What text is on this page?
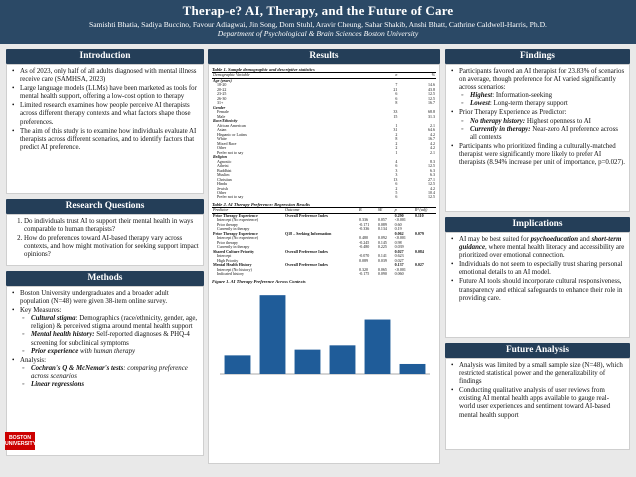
Therap-e? AI, Therapy, and the Future of Care
Samishti Bhatia, Sadiya Buccino, Favour Adiagwai, Jin Song, Dom Stuhl, Aravir Cheung, Sahar Shakib, Anshi Bhatt, Cathrine Caldwell-Harris, Ph.D.
Department of Psychological & Brain Sciences Boston University
Introduction
• As of 2023, only half of all adults diagnosed with mental illness receive care (SAMHSA, 2023)
• Large language models (LLMs) have been marketed as tools for mental health support, offering a low-cost option to therapy
• Limited research examines how people perceive AI therapists across different therapy contexts and what factors shape those preferences.
• The aim of this study is to examine how individuals evaluate AI therapists across different scenarios, and to identify factors that predict AI preference.
Research Questions
1. Do individuals trust AI to support their mental health in ways comparable to human therapists?
2. How do preferences toward AI-based therapy vary across contexts, and how might motivation for seeking support impact opinions?
Methods
• Boston University undergraduates and a broader adult population (N=48) were given 38-item online survey.
• Key Measures:
◦ Cultural stigma: Demographics (race/ethnicity, gender, age, religion) & perceived stigma around mental health support
◦ Mental health history: Self-reported diagnoses & PHQ-4 screening for subclinical symptoms
◦ Prior experience with human therapy
• Analysis:
◦ Cochran's Q & McNemar's tests: comparing preference across scenarios
◦ Linear regressions
BOSTON
UNIVERSITY
Results
Table 1. Sample demographic and descriptive statistics
Demographic Variable	n	%
Age (years)		
18-20	7	14.6
20-22	21	43.8
23-25	6	12.5
26-30	6	12.5
31+	8	16.7
Gender		
Female	33	68.8
Male	15	31.3
Race/Ethnicity		
African American	1	2.1
Asian	31	64.6
Hispanic or Latinx	2	4.2
White	8	16.7
Mixed Race	2	4.2
Other	2	4.2
Prefer not to say	1	2.1
Religion		
Agnostic	4	8.3
Atheist	6	12.5
Buddhist	3	6.3
Muslim	3	6.3
Christian	13	27.1
Hindu	6	12.5
Jewish	2	4.2
Other	5	10.4
Prefer not to say	6	12.5
Table 2. AI Therapy Preference: Regression Results
Predictor	Outcome	B	SE	p	R² (adj)
Prior Therapy Experience	Overall Preference Index			0.290	0.110
Intercept (No experience)		0.336	0.057	<0.001	
Prior therapy		-0.171	0.089	0.60	
Currently in therapy		-0.336	0.134	0.19	
Prior Therapy Experience	Q18 – Seeking Information			0.062	0.079
Intercept (No experience)		0.480	0.092	<0.001	
Prior therapy		-0.245	0.145	0.98	
Currently in therapy		-0.480	0.225	0.039	
Shared Culture Priority	Overall Preference Index			0.027	0.084
Intercept		-0.070	0.141	0.623	
High Priority		0.089	0.039	0.027	
Mental Health History	Overall Preference Index			0.137	0.027
Intercept (No history)		0.320	0.065	<0.001	
Indicated history		-0.175	0.090	0.060	
Figure 1. AI Therapy Preference Across Contexts
Findings
• Participants favored an AI therapist for 23.83% of scenarios on average, though preference for AI varied significantly across scenarios:
◦ Highest: Information-seeking
◦ Lowest: Long-term therapy support
• Prior Therapy Experience as Predictor:
◦ No therapy history: Highest openness to AI
◦ Currently in therapy: Near-zero AI preference across all contexts
• Participants who prioritized finding a culturally-matched therapist were significantly more likely to prefer AI therapists (8.94% increase per unit of importance, p=0.027).
Implications
• AI may be best suited for psychoeducation and short-term guidance, where mental health literacy and accessibility are prioritized over emotional connection.
• Individuals do not seem to especially trust sharing personal emotional details to an AI model.
• Future AI tools should incorporate cultural responsiveness, transparency and ethical safeguards to enhance their role in providing care.
Future Analysis
• Analysis was limited by a small sample size (N=48), which restricted statistical power and the generalizability of findings
• Conducting qualitative analysis of user reviews from existing AI mental health apps available to gauge real-world user experiences and sentiment toward AI-based mental health support
